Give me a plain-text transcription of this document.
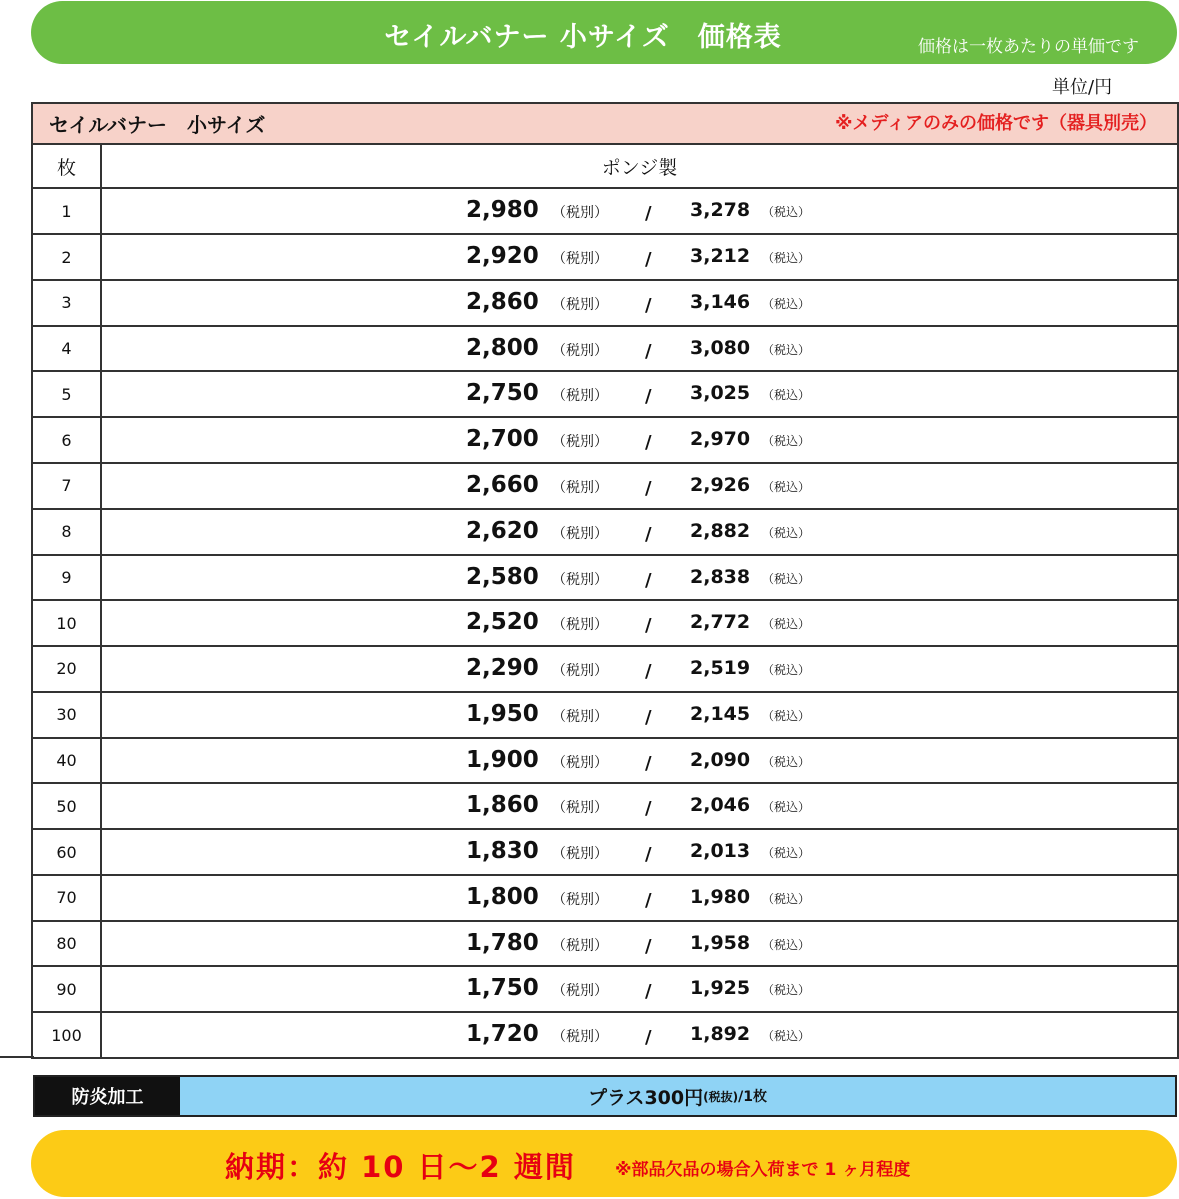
セイルバナー 小サイズ　価格表	価格は一枚あたりの単価です
単位/円
セイルバナー　小サイズ ※メディアのみの価格です（器具別売）	

枚	ポンジ製
1	2,980 （税別） / 3,278 （税込）

2	2,920 （税別） / 3,212 （税込）

3	2,860 （税別） / 3,146 （税込）

4	2,800 （税別） / 3,080 （税込）

5	2,750 （税別） / 3,025 （税込）

6	2,700 （税別） / 2,970 （税込）

7	2,660 （税別） / 2,926 （税込）

8	2,620 （税別） / 2,882 （税込）

9	2,580 （税別） / 2,838 （税込）

10	2,520 （税別） / 2,772 （税込）

20	2,290 （税別） / 2,519 （税込）

30	1,950 （税別） / 2,145 （税込）

40	1,900 （税別） / 2,090 （税込）

50	1,860 （税別） / 2,046 （税込）

60	1,830 （税別） / 2,013 （税込）

70	1,800 （税別） / 1,980 （税込）

80	1,780 （税別） / 1,958 （税込）

90	1,750 （税別） / 1,925 （税込）

100	1,720 （税別） / 1,892 （税込）
防炎加工	プラス300円 (税抜) /1枚
納期：約 10 日〜2 週間 ※部品欠品の場合入荷まで 1 ヶ月程度
